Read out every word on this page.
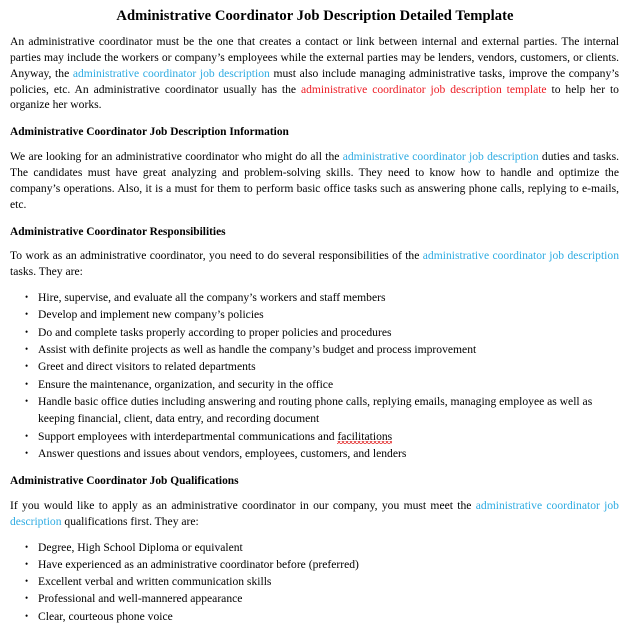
Administrative Coordinator Job Description Detailed Template

An administrative coordinator must be the one that creates a contact or link between internal and external parties. The internal parties may include the workers or company’s employees while the external parties may be lenders, vendors, customers, or clients. Anyway, the administrative coordinator job description must also include managing administrative tasks, improve the company’s policies, etc. An administrative coordinator usually has the administrative coordinator job description template to help her to organize her works.

Administrative Coordinator Job Description Information

We are looking for an administrative coordinator who might do all the administrative coordinator job description duties and tasks. The candidates must have great analyzing and problem-solving skills. They need to know how to handle and optimize the company’s operations. Also, it is a must for them to perform basic office tasks such as answering phone calls, replying to e-mails, etc.

Administrative Coordinator Responsibilities

To work as an administrative coordinator, you need to do several responsibilities of the administrative coordinator job description tasks. They are:

• Hire, supervise, and evaluate all the company’s workers and staff members
• Develop and implement new company’s policies
• Do and complete tasks properly according to proper policies and procedures
• Assist with definite projects as well as handle the company’s budget and process improvement
• Greet and direct visitors to related departments
• Ensure the maintenance, organization, and security in the office
• Handle basic office duties including answering and routing phone calls, replying emails, managing employee as well as keeping financial, client, data entry, and recording document
• Support employees with interdepartmental communications and facilitations
• Answer questions and issues about vendors, employees, customers, and lenders
Administrative Coordinator Job Qualifications

If you would like to apply as an administrative coordinator in our company, you must meet the administrative coordinator job description qualifications first. They are:

• Degree, High School Diploma or equivalent
• Have experienced as an administrative coordinator before (preferred)
• Excellent verbal and written communication skills
• Professional and well-mannered appearance
• Clear, courteous phone voice
